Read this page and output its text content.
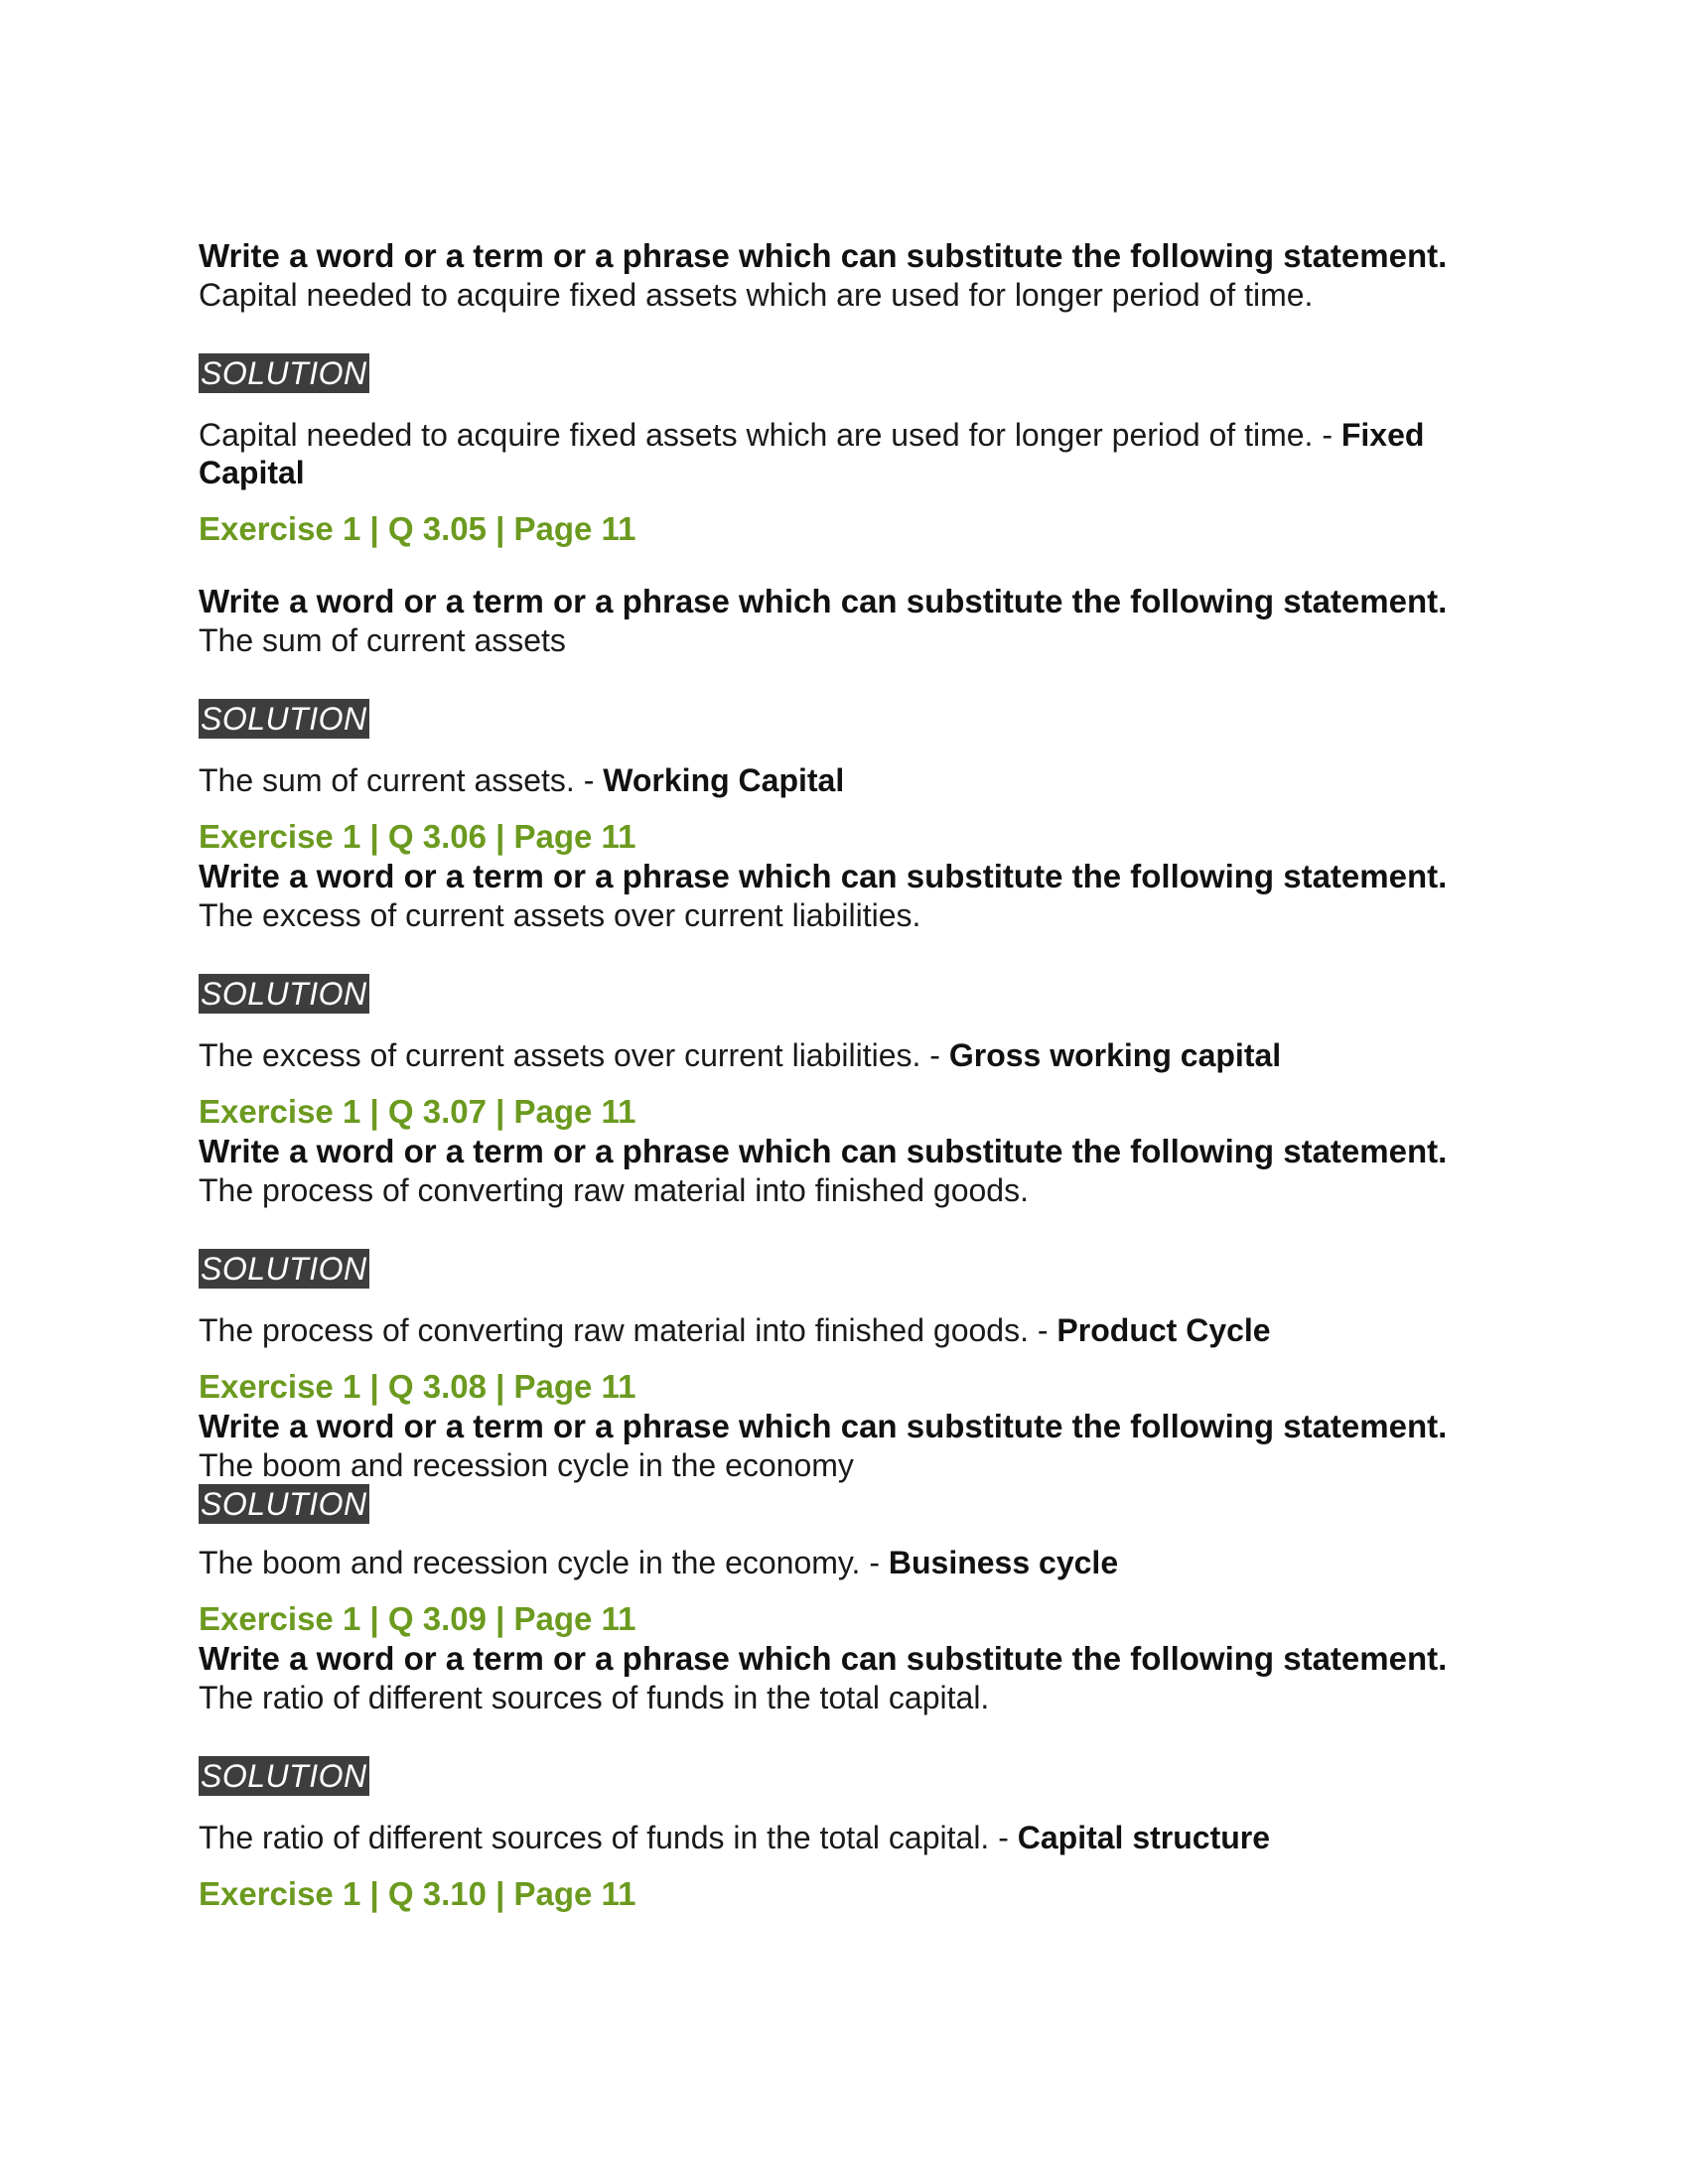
Write a word or a term or a phrase which can substitute the following statement.

Capital needed to acquire fixed assets which are used for longer period of time.

SOLUTION

Capital needed to acquire fixed assets which are used for longer period of time. - Fixed Capital

Exercise 1 | Q 3.05 | Page 11

Write a word or a term or a phrase which can substitute the following statement.

The sum of current assets

SOLUTION

The sum of current assets. - Working Capital

Exercise 1 | Q 3.06 | Page 11

Write a word or a term or a phrase which can substitute the following statement.

The excess of current assets over current liabilities.

SOLUTION

The excess of current assets over current liabilities. - Gross working capital

Exercise 1 | Q 3.07 | Page 11

Write a word or a term or a phrase which can substitute the following statement.

The process of converting raw material into finished goods.

SOLUTION

The process of converting raw material into finished goods. - Product Cycle

Exercise 1 | Q 3.08 | Page 11

Write a word or a term or a phrase which can substitute the following statement.

The boom and recession cycle in the economy

SOLUTION

The boom and recession cycle in the economy. - Business cycle

Exercise 1 | Q 3.09 | Page 11

Write a word or a term or a phrase which can substitute the following statement.

The ratio of different sources of funds in the total capital.

SOLUTION

The ratio of different sources of funds in the total capital. - Capital structure

Exercise 1 | Q 3.10 | Page 11
